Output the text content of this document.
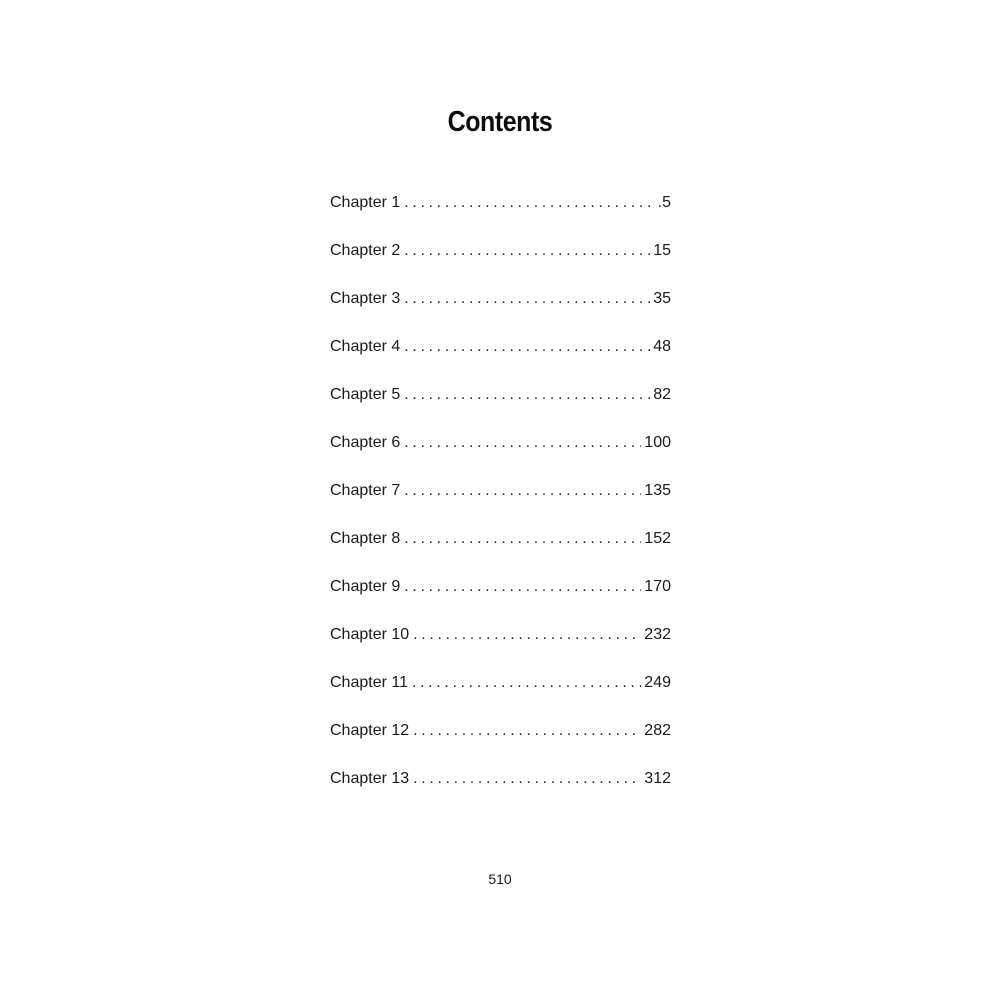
Contents
Chapter 1 . . .	.5
Chapter 2 . . .	15
Chapter 3 . . .	35
Chapter 4 . . .	48
Chapter 5 . . .	82
Chapter 6 . . .	100
Chapter 7 . . .	135
Chapter 8 . . .	152
Chapter 9 . . .	170
Chapter 10 . . .	232
Chapter 11 . . .	249
Chapter 12 . . .	282
Chapter 13 . . .	312
510
